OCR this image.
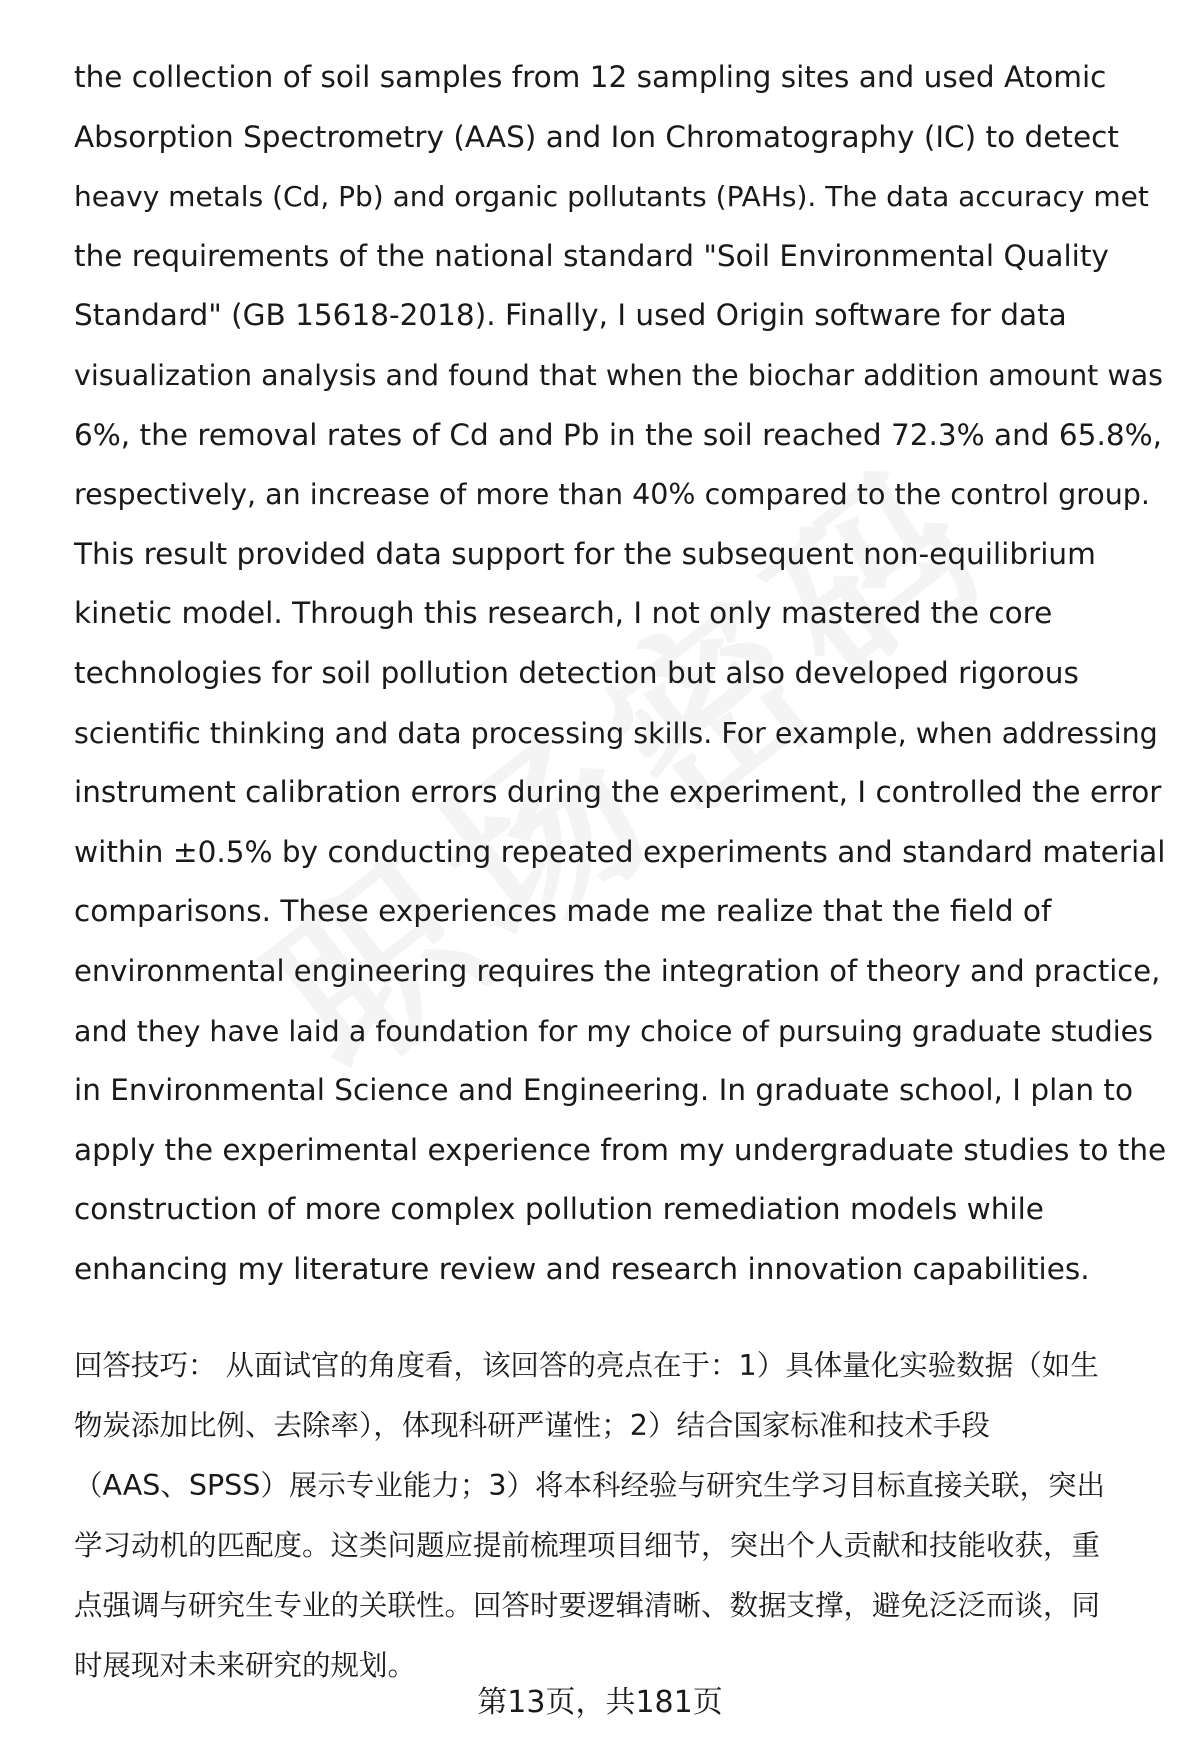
the collection of soil samples from 12 sampling sites and used Atomic
Absorption Spectrometry (AAS) and Ion Chromatography (IC) to detect
heavy metals (Cd, Pb) and organic pollutants (PAHs). The data accuracy met
the requirements of the national standard "Soil Environmental Quality
Standard" (GB 15618-2018). Finally, I used Origin software for data
visualization analysis and found that when the biochar addition amount was
6%, the removal rates of Cd and Pb in the soil reached 72.3% and 65.8%,
respectively, an increase of more than 40% compared to the control group.
This result provided data support for the subsequent non-equilibrium
kinetic model. Through this research, I not only mastered the core
technologies for soil pollution detection but also developed rigorous
scientific thinking and data processing skills. For example, when addressing
instrument calibration errors during the experiment, I controlled the error
within ±0.5% by conducting repeated experiments and standard material
comparisons. These experiences made me realize that the field of
environmental engineering requires the integration of theory and practice,
and they have laid a foundation for my choice of pursuing graduate studies
in Environmental Science and Engineering. In graduate school, I plan to
apply the experimental experience from my undergraduate studies to the
construction of more complex pollution remediation models while
enhancing my literature review and research innovation capabilities.
回答技巧： 从面试官的角度看，该回答的亮点在于：1）具体量化实验数据（如生
物炭添加比例、去除率），体现科研严谨性；2）结合国家标准和技术手段
（AAS、SPSS）展示专业能力；3）将本科经验与研究生学习目标直接关联，突出
学习动机的匹配度。这类问题应提前梳理项目细节，突出个人贡献和技能收获，重
点强调与研究生专业的关联性。回答时要逻辑清晰、数据支撑，避免泛泛而谈，同
时展现对未来研究的规划。
第13页，共181页
